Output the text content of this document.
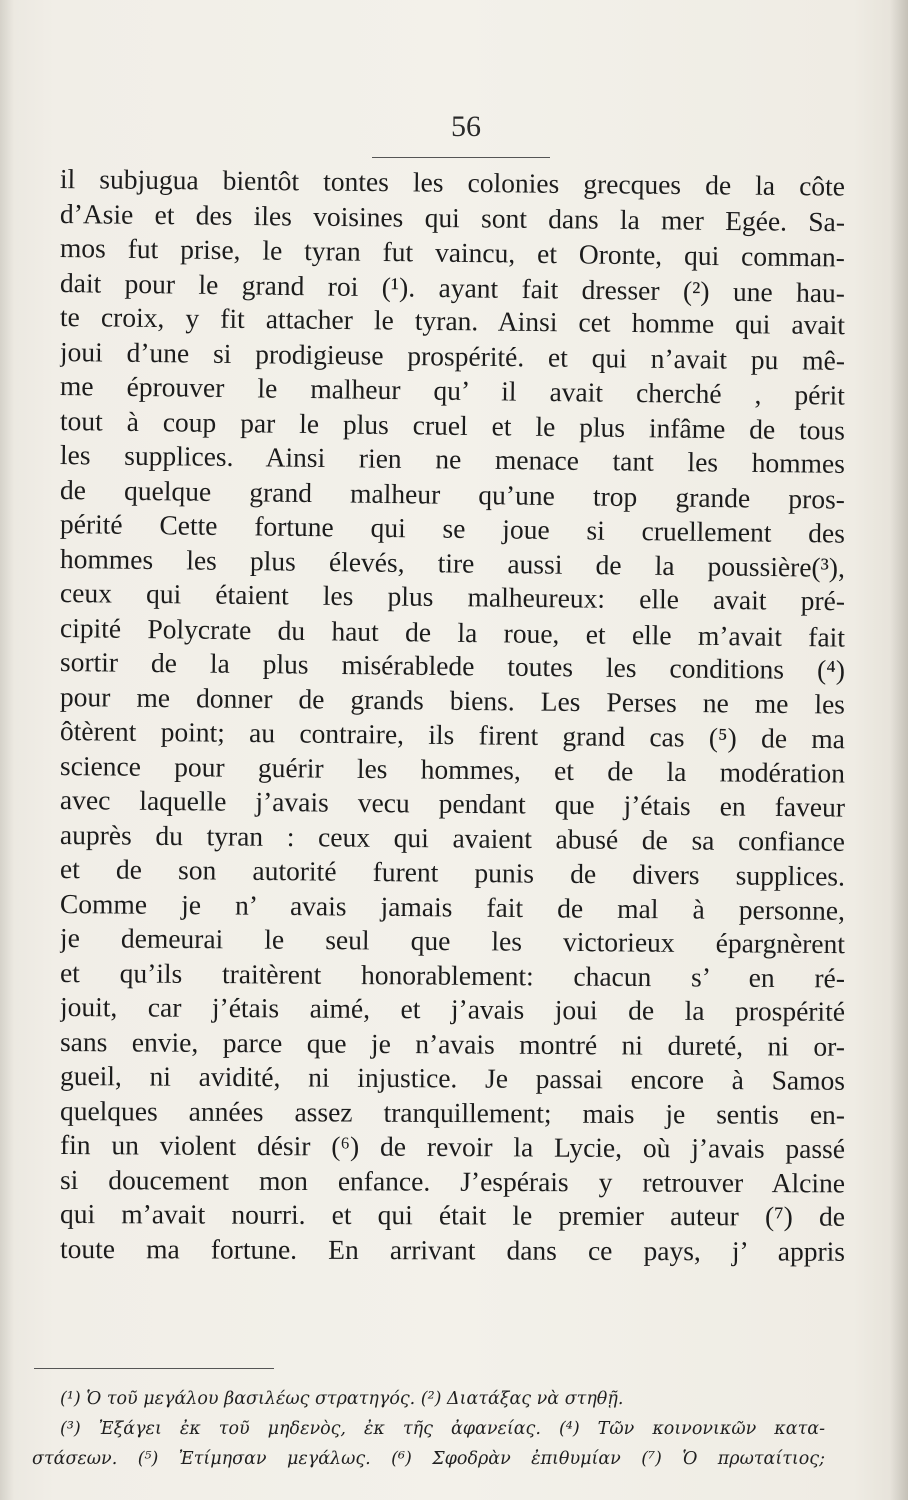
56
il subjugua bientôt tontes les colonies grecques de la côte
d’Asie et des iles voisines qui sont dans la mer Egée. Sa-
mos fut prise, le tyran fut vaincu, et Oronte, qui comman-
dait pour le grand roi (¹). ayant fait dresser (²) une hau-
te croix, y fit attacher le tyran. Ainsi cet homme qui avait
joui d’une si prodigieuse prospérité. et qui n’avait pu mê-
me éprouver le malheur qu’ il avait cherché , périt
tout à coup par le plus cruel et le plus infâme de tous
les supplices. Ainsi rien ne menace tant les hommes
de quelque grand malheur qu’une trop grande pros-
périté Cette fortune qui se joue si cruellement des
hommes les plus élevés, tire aussi de la poussière(³),
ceux qui étaient les plus malheureux: elle avait pré-
cipité Polycrate du haut de la roue, et elle m’avait fait
sortir de la plus misérablede toutes les conditions (⁴)
pour me donner de grands biens. Les Perses ne me les
ôtèrent point; au contraire, ils firent grand cas (⁵) de ma
science pour guérir les hommes, et de la modération
avec laquelle j’avais vecu pendant que j’étais en faveur
auprès du tyran : ceux qui avaient abusé de sa confiance
et de son autorité furent punis de divers supplices.
Comme je n’ avais jamais fait de mal à personne,
je demeurai le seul que les victorieux épargnèrent
et qu’ils traitèrent honorablement: chacun s’ en ré-
jouit, car j’étais aimé, et j’avais joui de la prospérité
sans envie, parce que je n’avais montré ni dureté, ni or-
gueil, ni avidité, ni injustice. Je passai encore à Samos
quelques années assez tranquillement; mais je sentis en-
fin un violent désir (⁶) de revoir la Lycie, où j’avais passé
si doucement mon enfance. J’espérais y retrouver Alcine
qui m’avait nourri. et qui était le premier auteur (⁷) de
toute ma fortune. En arrivant dans ce pays, j’ appris
(¹) Ὁ τοῦ μεγάλου βασιλέως στρατηγός. (²) Διατάξας νὰ στηθῇ.
(³) Ἐξάγει ἐκ τοῦ μηδενὸς, ἐκ τῆς ἀφανείας. (⁴) Τῶν κοινονικῶν κατα-
στάσεων. (⁵) Ἐτίμησαν μεγάλως. (⁶) Σφοδρὰν ἐπιθυμίαν (⁷) Ὁ πρωταίτιος;
